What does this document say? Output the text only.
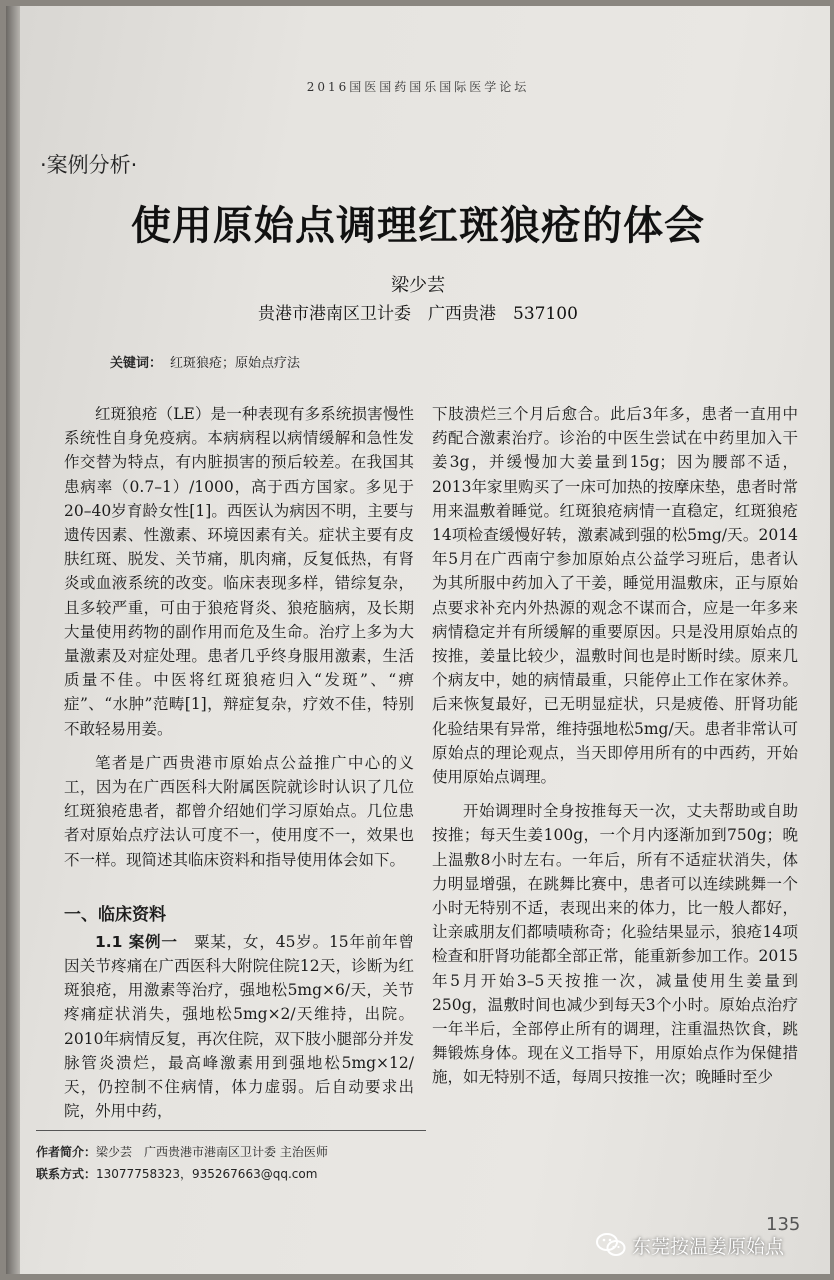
2016国医国药国乐国际医学论坛
·案例分析·
使用原始点调理红斑狼疮的体会
梁少芸
贵港市港南区卫计委　广西贵港　537100
关键词： 红斑狼疮；原始点疗法

红斑狼疮（LE）是一种表现有多系统损害慢性系统性自身免疫病。本病病程以病情缓解和急性发作交替为特点，有内脏损害的预后较差。在我国其患病率（0.7–1）/1000，高于西方国家。多见于20–40岁育龄女性[1]。西医认为病因不明，主要与遗传因素、性激素、环境因素有关。症状主要有皮肤红斑、脱发、关节痛，肌肉痛，反复低热，有肾炎或血液系统的改变。临床表现多样，错综复杂，且多较严重，可由于狼疮肾炎、狼疮脑病，及长期大量使用药物的副作用而危及生命。治疗上多为大量激素及对症处理。患者几乎终身服用激素，生活质量不佳。中医将红斑狼疮归入“发斑”、“痹症”、“水肿”范畴[1]，辩症复杂，疗效不佳，特别不敢轻易用姜。

笔者是广西贵港市原始点公益推广中心的义工，因为在广西医科大附属医院就诊时认识了几位红斑狼疮患者，都曾介绍她们学习原始点。几位患者对原始点疗法认可度不一，使用度不一，效果也不一样。现简述其临床资料和指导使用体会如下。

一、临床资料

1.1 案例一　粟某，女，45岁。15年前年曾因关节疼痛在广西医科大附院住院12天，诊断为红斑狼疮，用激素等治疗，强地松5mg×6/天，关节疼痛症状消失，强地松5mg×2/天维持，出院。2010年病情反复，再次住院，双下肢小腿部分并发脉管炎溃烂，最高峰激素用到强地松5mg×12/天，仍控制不住病情，体力虚弱。后自动要求出院，外用中药，

下肢溃烂三个月后愈合。此后3年多，患者一直用中药配合激素治疗。诊治的中医生尝试在中药里加入干姜3g，并缓慢加大姜量到15g；因为腰部不适，2013年家里购买了一床可加热的按摩床垫，患者时常用来温敷着睡觉。红斑狼疮病情一直稳定，红斑狼疮14项检查缓慢好转，激素减到强的松5mg/天。2014年5月在广西南宁参加原始点公益学习班后，患者认为其所服中药加入了干姜，睡觉用温敷床，正与原始点要求补充内外热源的观念不谋而合，应是一年多来病情稳定并有所缓解的重要原因。只是没用原始点的按推，姜量比较少，温敷时间也是时断时续。原来几个病友中，她的病情最重，只能停止工作在家休养。后来恢复最好，已无明显症状，只是疲倦、肝肾功能化验结果有异常，维持强地松5mg/天。患者非常认可原始点的理论观点，当天即停用所有的中西药，开始使用原始点调理。

开始调理时全身按推每天一次，丈夫帮助或自助按推；每天生姜100g，一个月内逐渐加到750g；晚上温敷8小时左右。一年后，所有不适症状消失，体力明显增强，在跳舞比赛中，患者可以连续跳舞一个小时无特别不适，表现出来的体力，比一般人都好，让亲戚朋友们都啧啧称奇；化验结果显示，狼疮14项检查和肝肾功能都全部正常，能重新参加工作。2015年5月开始3–5天按推一次，减量使用生姜量到250g，温敷时间也减少到每天3个小时。原始点治疗一年半后，全部停止所有的调理，注重温热饮食，跳舞锻炼身体。现在义工指导下，用原始点作为保健措施，如无特别不适，每周只按推一次；晚睡时至少

作者简介：梁少芸　广西贵港市港南区卫计委 主治医师
联系方式：13077758323，935267663@qq.com
135
东莞按温姜原始点
